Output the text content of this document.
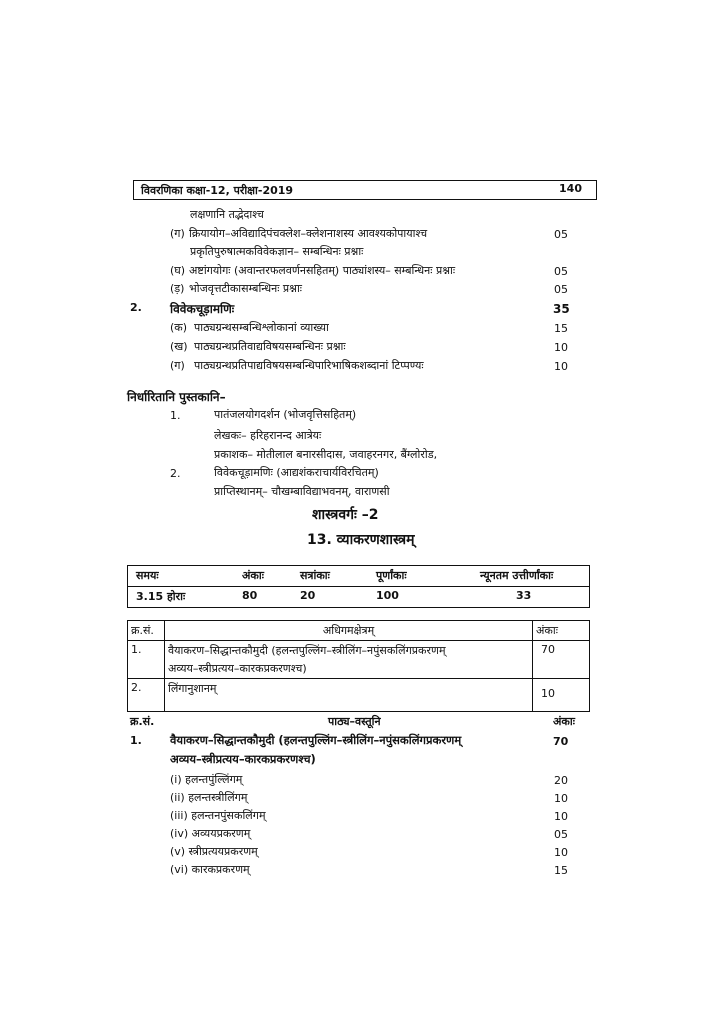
विवरणिका कक्षा-12, परीक्षा-2019	140
लक्षणानि तद्भेदाश्च
(ग) क्रियायोग–अविद्यादिपंचक्लेश–क्लेशनाशस्य आवश्यकोपायाश्च	05
प्रकृतिपुरुषात्मकविवेकज्ञान– सम्बन्धिनः प्रश्नाः
(घ) अष्टांगयोगः (अवान्तरफलवर्णनसहितम्) पाठ्यांशस्य– सम्बन्धिनः प्रश्नाः	05
(ड़) भोजवृत्तटीकासम्बन्धिनः प्रश्नाः	05
2. विवेकचूड़ामणिः	35
(क) पाठ्यग्रन्थसम्बन्धिश्लोकानां व्याख्या	15
(ख) पाठ्यग्रन्थप्रतिवाद्यविषयसम्बन्धिनः प्रश्नाः	10
(ग) पाठ्यग्रन्थप्रतिपाद्यविषयसम्बन्धिपारिभाषिकशब्दानां टिप्पण्यः	10
निर्धारितानि पुस्तकानि–
1.	पातंजलयोगदर्शन (भोजवृत्तिसहितम्)
लेखकः– हरिहरानन्द आत्रेयः
प्रकाशक– मोतीलाल बनारसीदास, जवाहरनगर, बैंग्लोरोड,
2.	विवेकचूड़ामणिः (आद्यशंकराचार्यविरचितम्)
प्राप्तिस्थानम्– चौखम्बाविद्याभवनम्, वाराणसी
शास्त्रवर्गः –2
13. व्याकरणशास्त्रम्
समयः	अंकाः	सत्रांकाः	पूर्णांकाः	न्यूनतम उत्तीर्णांकाः
3.15 होराः	80	20	100	33
क्र.सं.	अधिगमक्षेत्रम्	अंकाः
1.	वैयाकरण–सिद्धान्तकौमुदी (हलन्तपुल्लिंग–स्त्रीलिंग–नपुंसकलिंगप्रकरणम्
अव्यय–स्त्रीप्रत्यय–कारकप्रकरणश्च)	70
2.	लिंगानुशानम्	10
क्र.सं.	पाठ्य–वस्तूनि	अंकाः
1. वैयाकरण–सिद्धान्तकौमुदी (हलन्तपुल्लिंग–स्त्रीलिंग–नपुंसकलिंगप्रकरणम्	70
अव्यय–स्त्रीप्रत्यय–कारकप्रकरणश्च)
(i) हलन्तपुंल्लिंगम्	20
(ii) हलन्तस्त्रीलिंगम्	10
(iii) हलन्तनपुंसकलिंगम्	10
(iv) अव्ययप्रकरणम्	05
(v) स्त्रीप्रत्ययप्रकरणम्	10
(vi) कारकप्रकरणम्	15
